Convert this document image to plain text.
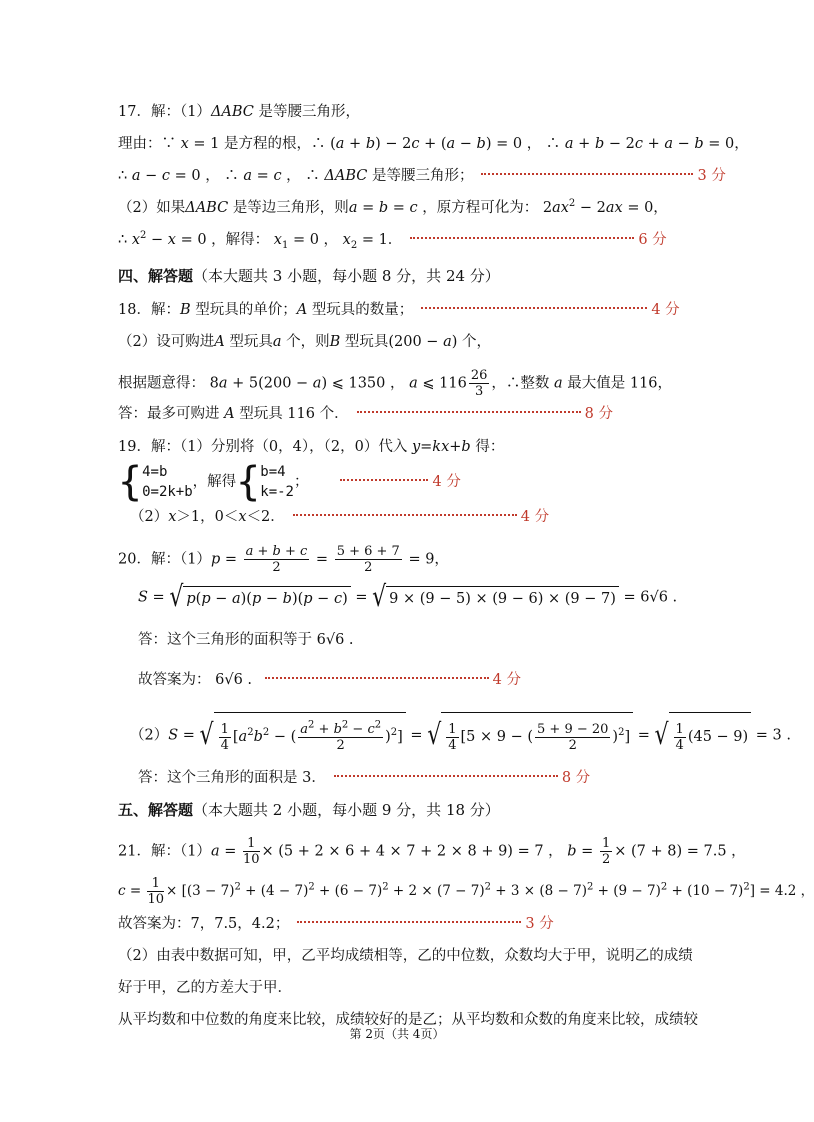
17．解：（1）ΔABC 是等腰三角形，
理由：∵ x = 1 是方程的根，∴ (a + b) − 2c + (a − b) = 0 ， ∴ a + b − 2c + a − b = 0，
∴ a − c = 0 ， ∴ a = c ， ∴ ΔABC 是等腰三角形；	3 分
（2）如果ΔABC 是等边三角形，则a = b = c ，原方程可化为： $2ax^2 - 2ax = 0$，
∴ $x^2 - x = 0$ ，解得： $x_1 = 0$ ， $x_2 = 1$．	6 分
四、解答题（本大题共 3 小题，每小题 8 分，共 24 分）
18．解：B 型玩具的单价；A 型玩具的数量；	4 分
（2）设可购进A 型玩具a 个，则B 型玩具(200 − a) 个，
根据题意得： 8a + 5(200 − a) ⩽ 1350 ， a ⩽ $116 \frac{26}{3}$ ，∴整数 a 最大值是 116，
答：最多可购进 A 型玩具 116 个．	8 分
19．解：（1）分别将（0，4），（2，0）代入 y=kx+b 得：
{ 4=b
0=2k+b
，解得{ b=4
k=-2
；	4 分
（2）x＞1，0＜x＜2．	4 分
20．解：$(1)p = \frac{a + b + c}{2} = \frac{5 + 6 + 7}{2} = 9$，
S = √ p(p − a)(p − b)(p − c) = √ 9 × (9 − 5) × (9 − 6) × (9 − 7) = 6√6 .
答：这个三角形的面积等于 6√6 .
故答案为： 6√6 .	4 分
（2）S = √ $\frac{1}{4} [a^2b^2$ − ( $\frac{a^2 + b^2 - c^2}{2} )^2$] = √ $\frac{1}{4} [5 \times 9$ − ( $\frac{5 + 9 - 20}{2} )^2$] = √ $\frac{1}{4} (45 - 9) = 3$ .
答：这个三角形的面积是 3．	8 分
五、解答题（本大题共 2 小题，每小题 9 分，共 18 分）
21．解：$(1)a = \frac{1}{10} \times (5 + 2 \times 6 + 4 \times 7 + 2 \times 8 + 9) = 7$ ， $b = \frac{1}{2} \times (7 + 8) = 7.5$ ，
$c = \frac{1}{10} \times [(3 - 7)^2 + (4 - 7)^2 + (6 - 7)^2 + 2 \times (7 - 7)^2 + 3 \times (8 - 7)^2 + (9 - 7)^2 + (10 - 7)^2] = 4.2$ ，
故答案为：7，7.5，4.2；	3 分
（2）由表中数据可知，甲，乙平均成绩相等，乙的中位数，众数均大于甲，说明乙的成绩
好于甲，乙的方差大于甲．
从平均数和中位数的角度来比较，成绩较好的是乙；从平均数和众数的角度来比较，成绩较
第 2页（共 4页）
